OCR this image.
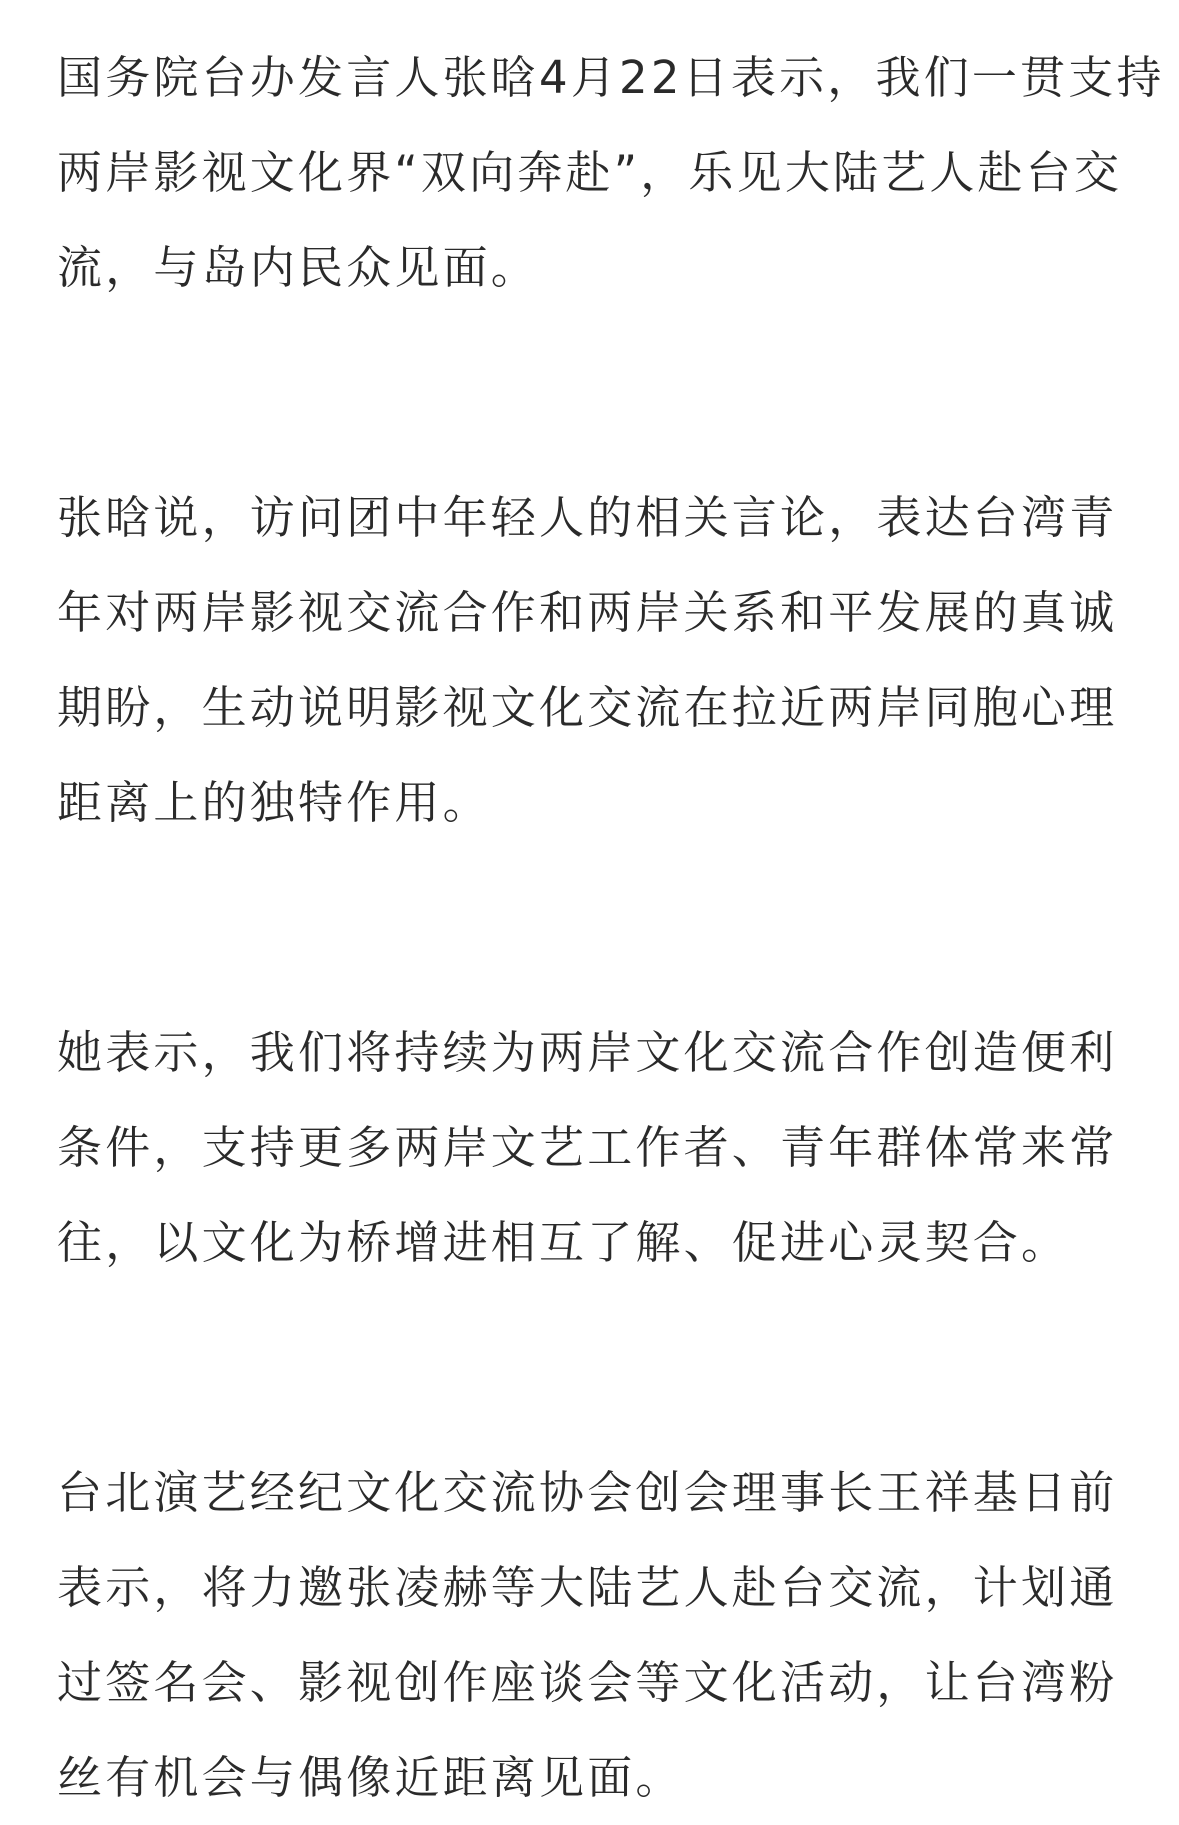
国务院台办发言人张晗4月22日表示，我们一贯支持
两岸影视文化界“双向奔赴”，乐见大陆艺人赴台交
流，与岛内民众见面。
张晗说，访问团中年轻人的相关言论，表达台湾青
年对两岸影视交流合作和两岸关系和平发展的真诚
期盼，生动说明影视文化交流在拉近两岸同胞心理
距离上的独特作用。
她表示，我们将持续为两岸文化交流合作创造便利
条件，支持更多两岸文艺工作者、青年群体常来常
往，以文化为桥增进相互了解、促进心灵契合。
台北演艺经纪文化交流协会创会理事长王祥基日前
表示，将力邀张凌赫等大陆艺人赴台交流，计划通
过签名会、影视创作座谈会等文化活动，让台湾粉
丝有机会与偶像近距离见面。
